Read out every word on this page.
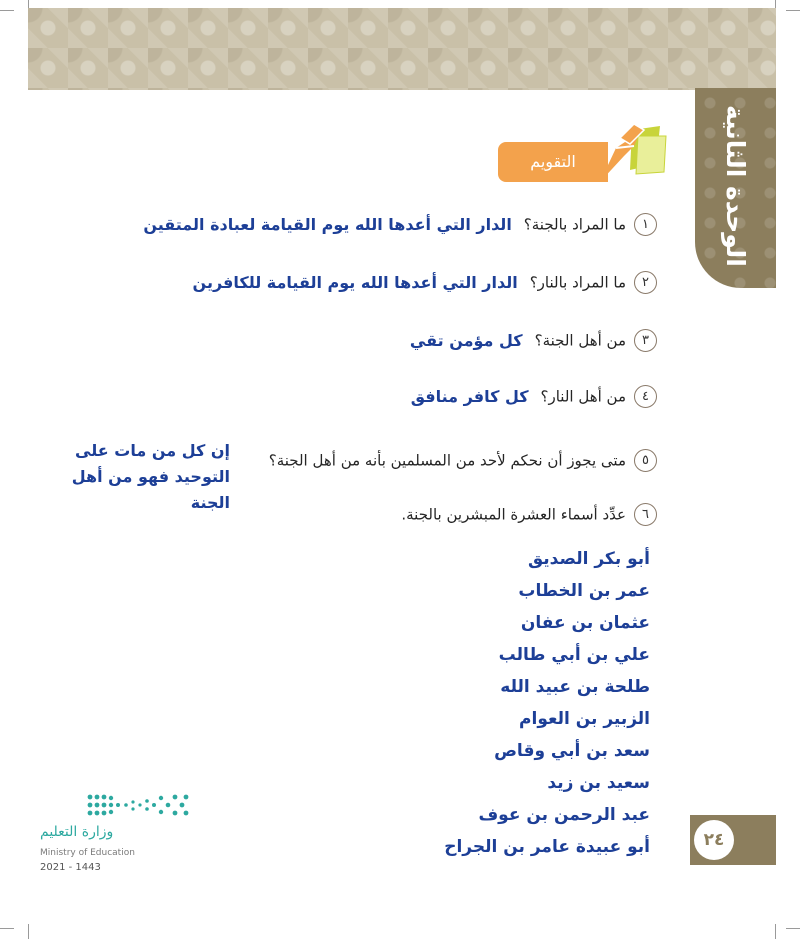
الوحدة الثانية
التقويم
١ما المراد بالجنة؟الدار التي أعدها الله يوم القيامة لعبادة المتقين
٢ما المراد بالنار؟الدار التي أعدها الله يوم القيامة للكافرين
٣من أهل الجنة؟كل مؤمن تقي
٤من أهل النار؟كل كافر منافق
٥متى يجوز أن نحكم لأحد من المسلمين بأنه من أهل الجنة؟
إن كل من مات على
التوحيد فهو من أهل الجنة
٦عدِّد أسماء العشرة المبشرين بالجنة.
أبو بكر الصديق
عمر بن الخطاب
عثمان بن عفان
علي بن أبي طالب
طلحة بن عبيد الله
الزبير بن العوام
سعد بن أبي وقاص
سعيد بن زيد
عبد الرحمن بن عوف
أبو عبيدة عامر بن الجراح
وزارة التعليم
Ministry of Education
2021 - 1443
٢٤
